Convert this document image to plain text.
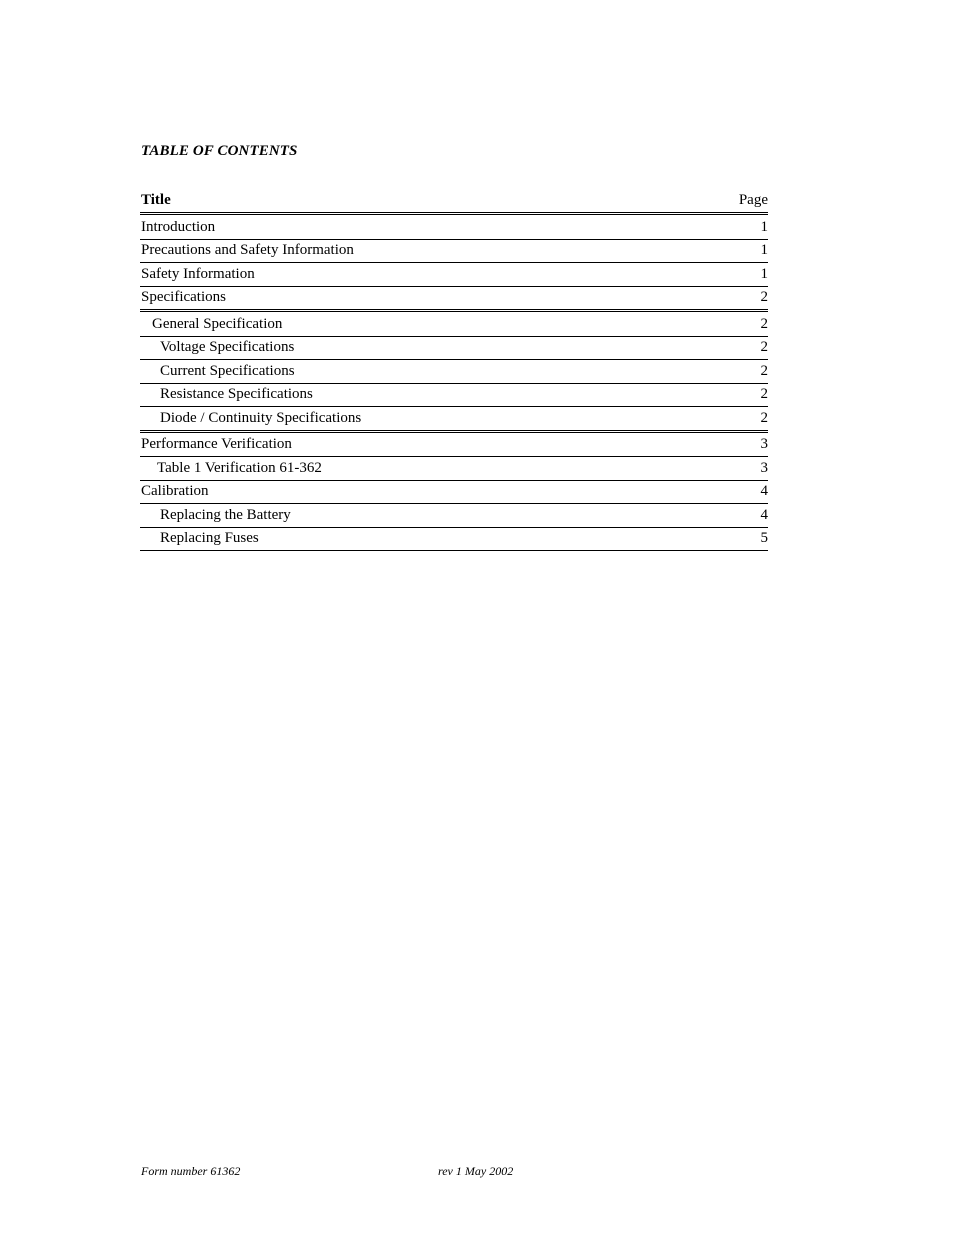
TABLE OF CONTENTS
Title	Page
Introduction	1
Precautions and Safety Information	1
Safety Information	1
Specifications	2
General Specification	2
Voltage Specifications	2
Current Specifications	2
Resistance Specifications	2
Diode / Continuity Specifications	2
Performance Verification	3
Table 1 Verification 61-362	3
Calibration	4
Replacing the Battery	4
Replacing Fuses	5
Form number 61362	rev 1 May 2002
